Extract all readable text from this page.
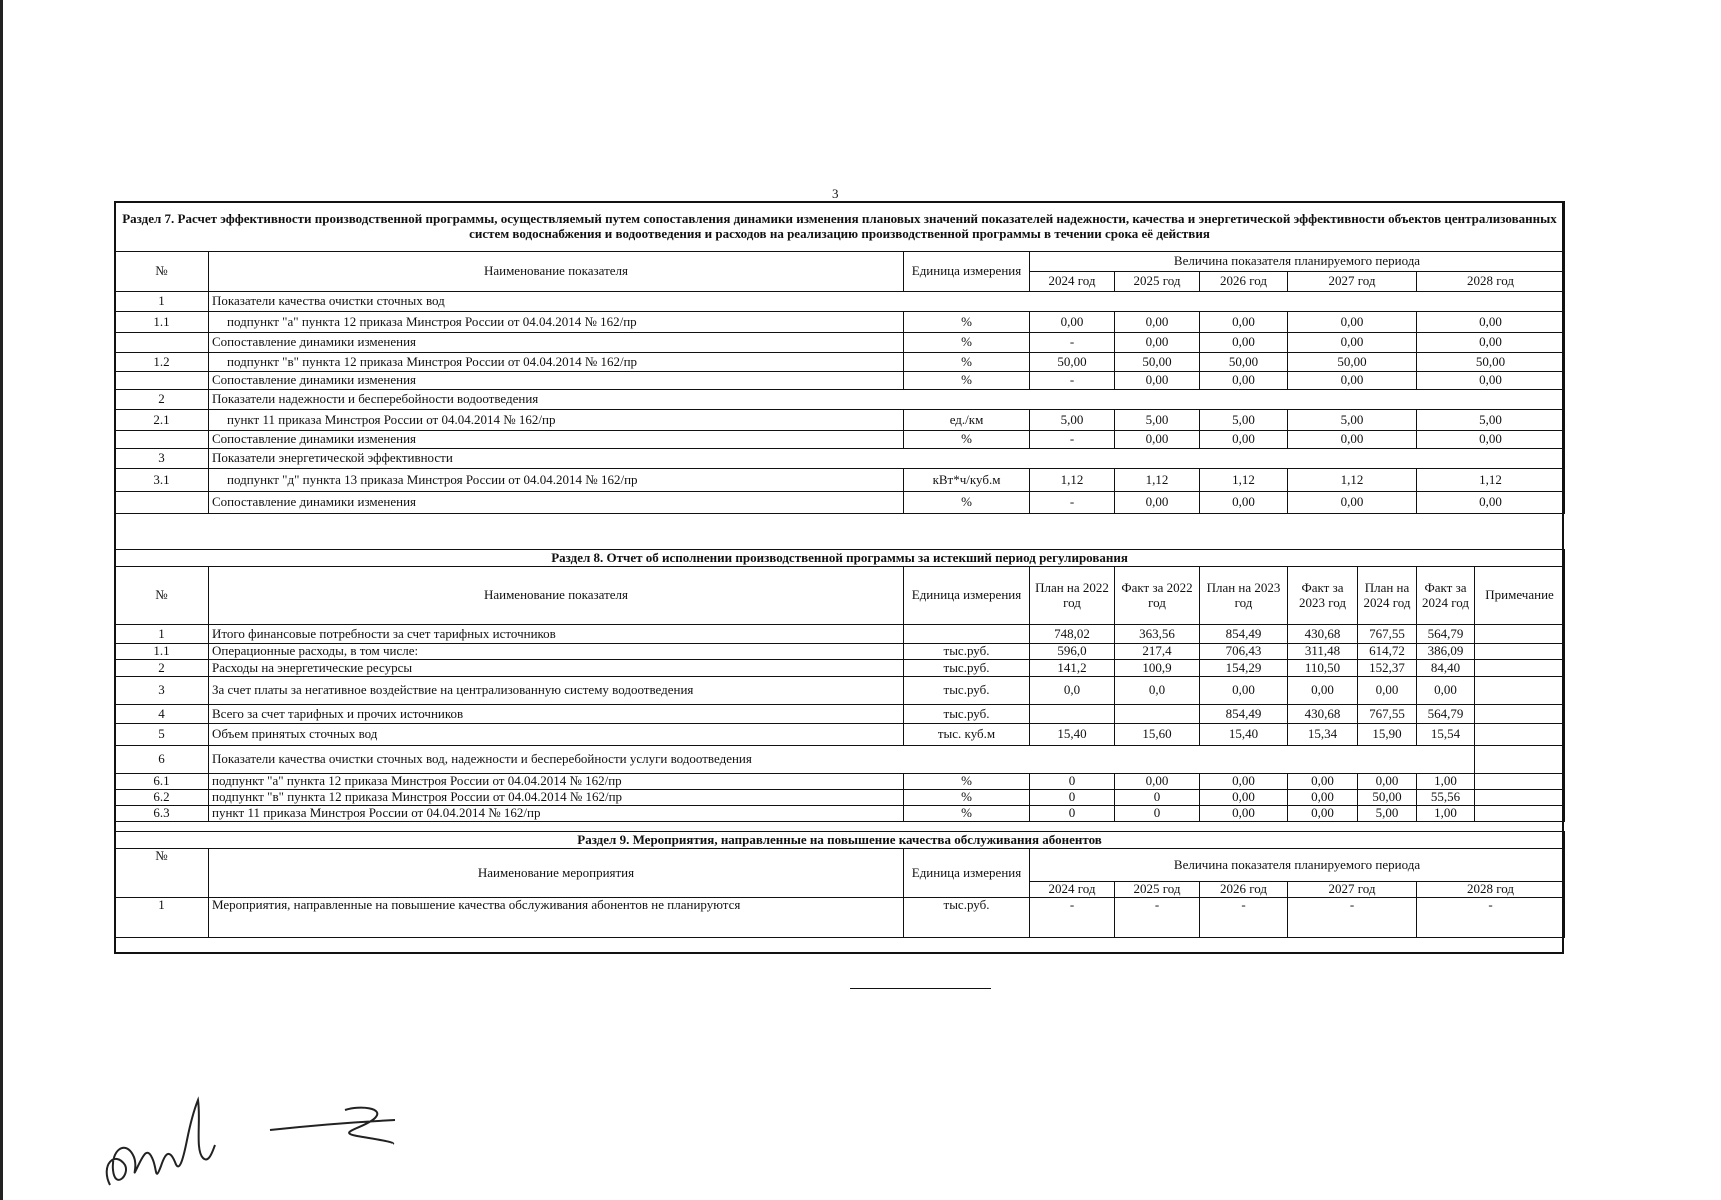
3
Раздел 7. Расчет эффективности производственной программы, осуществляемый путем сопоставления динамики изменения плановых значений показателей надежности, качества и энергетической эффективности объектов централизованных систем водоснабжения и водоотведения и расходов на реализацию производственной программы в течении срока её действия							
№	Наименование показателя	Единица измерения	Величина показателя планируемого периода				
			2024 год	2025 год	2026 год	2027 год	2028 год
1	Показатели качества очистки сточных вод						
1.1	подпункт "а" пункта 12 приказа Минстроя России от 04.04.2014 № 162/пр	%	0,00	0,00	0,00	0,00	0,00
	Сопоставление динамики изменения	%	-	0,00	0,00	0,00	0,00
1.2	подпункт "в" пункта 12 приказа Минстроя России от 04.04.2014 № 162/пр	%	50,00	50,00	50,00	50,00	50,00
	Сопоставление динамики изменения	%	-	0,00	0,00	0,00	0,00
2	Показатели надежности и бесперебойности водоотведения						
2.1	пункт 11 приказа Минстроя России от 04.04.2014 № 162/пр	ед./км	5,00	5,00	5,00	5,00	5,00
	Сопоставление динамики изменения	%	-	0,00	0,00	0,00	0,00
3	Показатели энергетической эффективности						
3.1	подпункт "д" пункта 13 приказа Минстроя России от 04.04.2014 № 162/пр	кВт*ч/куб.м	1,12	1,12	1,12	1,12	1,12
	Сопоставление динамики изменения	%	-	0,00	0,00	0,00	0,00
Раздел 8. Отчет об исполнении производственной программы за истекший период регулирования									
№	Наименование показателя	Единица измерения	План на 2022 год	Факт за 2022 год	План на 2023 год	Факт за 2023 год	План на 2024 год	Факт за 2024 год	Примечание
1	Итого финансовые потребности за счет тарифных источников		748,02	363,56	854,49	430,68	767,55	564,79	
1.1	Операционные расходы, в том числе:	тыс.руб.	596,0	217,4	706,43	311,48	614,72	386,09	
2	Расходы на энергетические ресурсы	тыс.руб.	141,2	100,9	154,29	110,50	152,37	84,40	
3	За счет платы за негативное воздействие на централизованную систему водоотведения	тыс.руб.	0,0	0,0	0,00	0,00	0,00	0,00	
4	Всего за счет тарифных и прочих источников	тыс.руб.			854,49	430,68	767,55	564,79	
5	Объем принятых сточных вод	тыс. куб.м	15,40	15,60	15,40	15,34	15,90	15,54	
6	Показатели качества очистки сточных вод, надежности и бесперебойности услуги водоотведения								
6.1	подпункт "а" пункта 12 приказа Минстроя России от 04.04.2014 № 162/пр	%	0	0,00	0,00	0,00	0,00	1,00	
6.2	подпункт "в" пункта 12 приказа Минстроя России от 04.04.2014 № 162/пр	%	0	0	0,00	0,00	50,00	55,56	
6.3	пункт 11 приказа Минстроя России от 04.04.2014 № 162/пр	%	0	0	0,00	0,00	5,00	1,00	
Раздел 9. Мероприятия, направленные на повышение качества обслуживания абонентов							
№	Наименование мероприятия	Единица измерения	Величина показателя планируемого периода				
			2024 год	2025 год	2026 год	2027 год	2028 год
1	Мероприятия, направленные на повышение качества обслуживания абонентов не планируются	тыс.руб.	-	-	-	-	-
